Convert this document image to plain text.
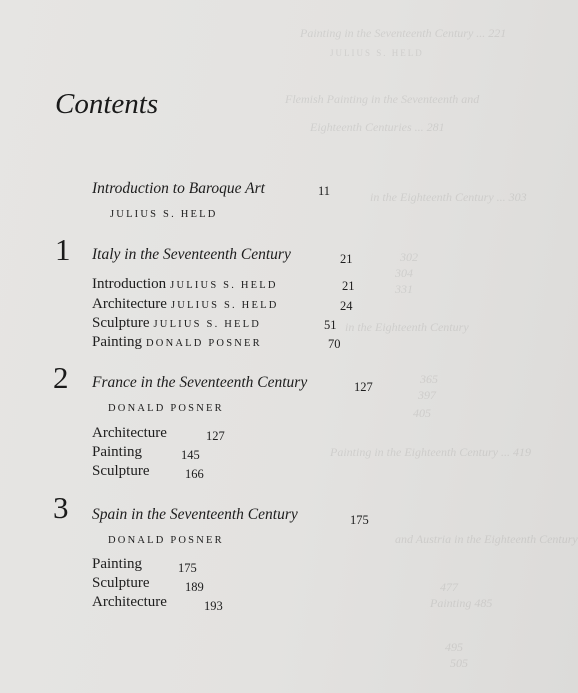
Painting in the Seventeenth Century ... 221
JULIUS S. HELD
Flemish Painting in the Seventeenth and
Eighteenth Centuries ... 281
in the Eighteenth Century ... 303
302
304
331
in the Eighteenth Century
365
397
405
Painting in the Eighteenth Century ... 419
and Austria in the Eighteenth Century
477
Painting 485
495
505
Contents
Introduction to Baroque Art	11
JULIUS S. HELD
1 Italy in the Seventeenth Century	21
Introduction JULIUS S. HELD	21
Architecture JULIUS S. HELD	24
Sculpture JULIUS S. HELD	51
Painting DONALD POSNER	70
2 France in the Seventeenth Century	127
DONALD POSNER
Architecture	127
Painting	145
Sculpture	166
3 Spain in the Seventeenth Century	175
DONALD POSNER
Painting	175
Sculpture	189
Architecture	193
